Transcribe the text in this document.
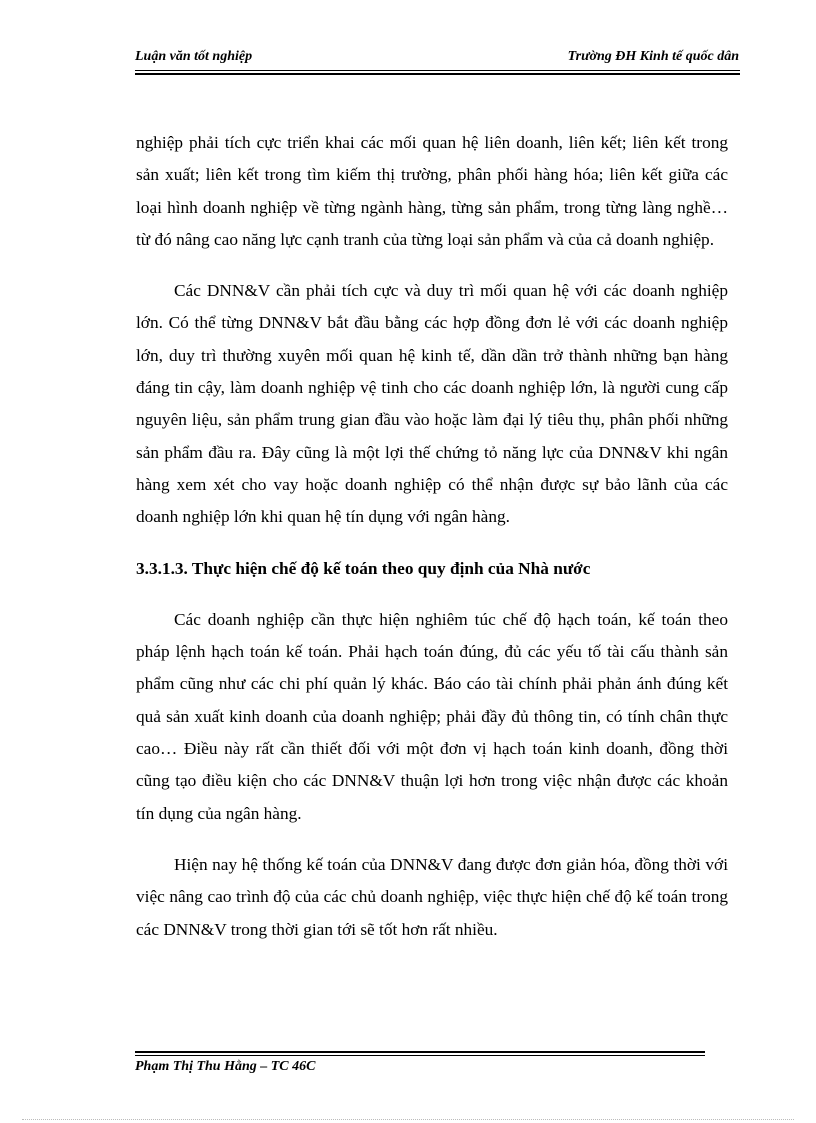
Luận văn tốt nghiệp	Trường ĐH Kinh tế quốc dân

nghiệp phải tích cực triển khai các mối quan hệ liên doanh, liên kết; liên kết trong sản xuất; liên kết trong tìm kiếm thị trường, phân phối hàng hóa; liên kết giữa các loại hình doanh nghiệp về từng ngành hàng, từng sản phẩm, trong từng làng nghề… từ đó nâng cao năng lực cạnh tranh của từng loại sản phẩm và của cả doanh nghiệp.

Các DNN&V cần phải tích cực và duy trì mối quan hệ với các doanh nghiệp lớn. Có thể từng DNN&V bắt đầu bằng các hợp đồng đơn lẻ với các doanh nghiệp lớn, duy trì thường xuyên mối quan hệ kinh tế, dần dần trở thành những bạn hàng đáng tin cậy, làm doanh nghiệp vệ tinh cho các doanh nghiệp lớn, là người cung cấp nguyên liệu, sản phẩm trung gian đầu vào hoặc làm đại lý tiêu thụ, phân phối những sản phẩm đầu ra. Đây cũng là một lợi thế chứng tỏ năng lực của DNN&V khi ngân hàng xem xét cho vay hoặc doanh nghiệp có thể nhận được sự bảo lãnh của các doanh nghiệp lớn khi quan hệ tín dụng với ngân hàng.

3.3.1.3. Thực hiện chế độ kế toán theo quy định của Nhà nước

Các doanh nghiệp cần thực hiện nghiêm túc chế độ hạch toán, kế toán theo pháp lệnh hạch toán kế toán. Phải hạch toán đúng, đủ các yếu tố tài cấu thành sản phẩm cũng như các chi phí quản lý khác. Báo cáo tài chính phải phản ánh đúng kết quả sản xuất kinh doanh của doanh nghiệp; phải đầy đủ thông tin, có tính chân thực cao… Điều này rất cần thiết đối với một đơn vị hạch toán kinh doanh, đồng thời cũng tạo điều kiện cho các DNN&V thuận lợi hơn trong việc nhận được các khoản tín dụng của ngân hàng.

Hiện nay hệ thống kế toán của DNN&V đang được đơn giản hóa, đồng thời với việc nâng cao trình độ của các chủ doanh nghiệp, việc thực hiện chế độ kế toán trong các DNN&V trong thời gian tới sẽ tốt hơn rất nhiều.

Phạm Thị Thu Hằng – TC 46C
